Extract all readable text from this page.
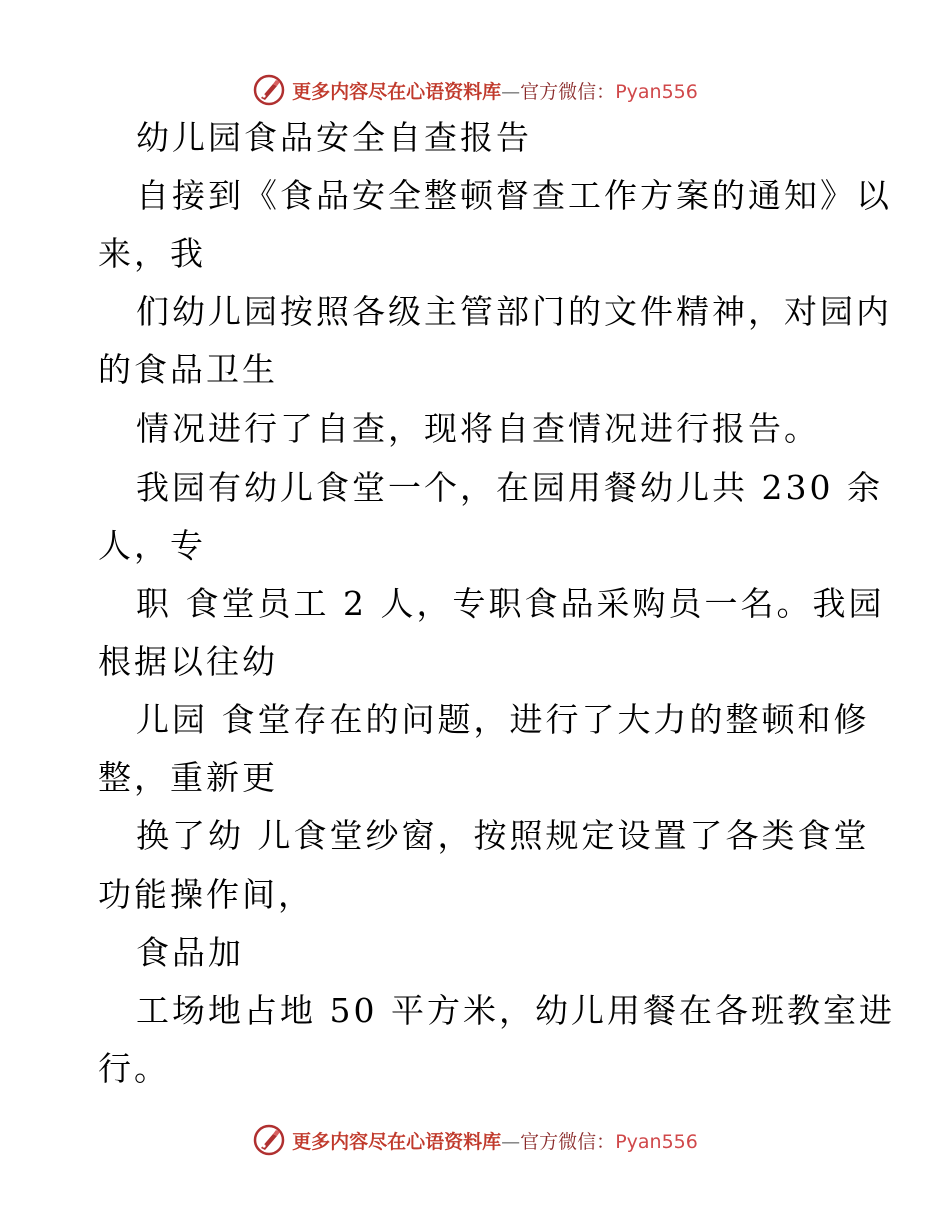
更多内容尽在心语资料库—官方微信：Pyan556
幼儿园食品安全自查报告
自接到《食品安全整顿督查工作方案的通知》以
来，我
们幼儿园按照各级主管部门的文件精神，对园内
的食品卫生
情况进行了自查，现将自查情况进行报告。
我园有幼儿食堂一个，在园用餐幼儿共 230 余
人，专
职 食堂员工 2 人，专职食品采购员一名。我园
根据以往幼
儿园 食堂存在的问题，进行了大力的整顿和修
整，重新更
换了幼 儿食堂纱窗，按照规定设置了各类食堂
功能操作间，
食品加
工场地占地 50 平方米，幼儿用餐在各班教室进
行。
更多内容尽在心语资料库—官方微信：Pyan556
